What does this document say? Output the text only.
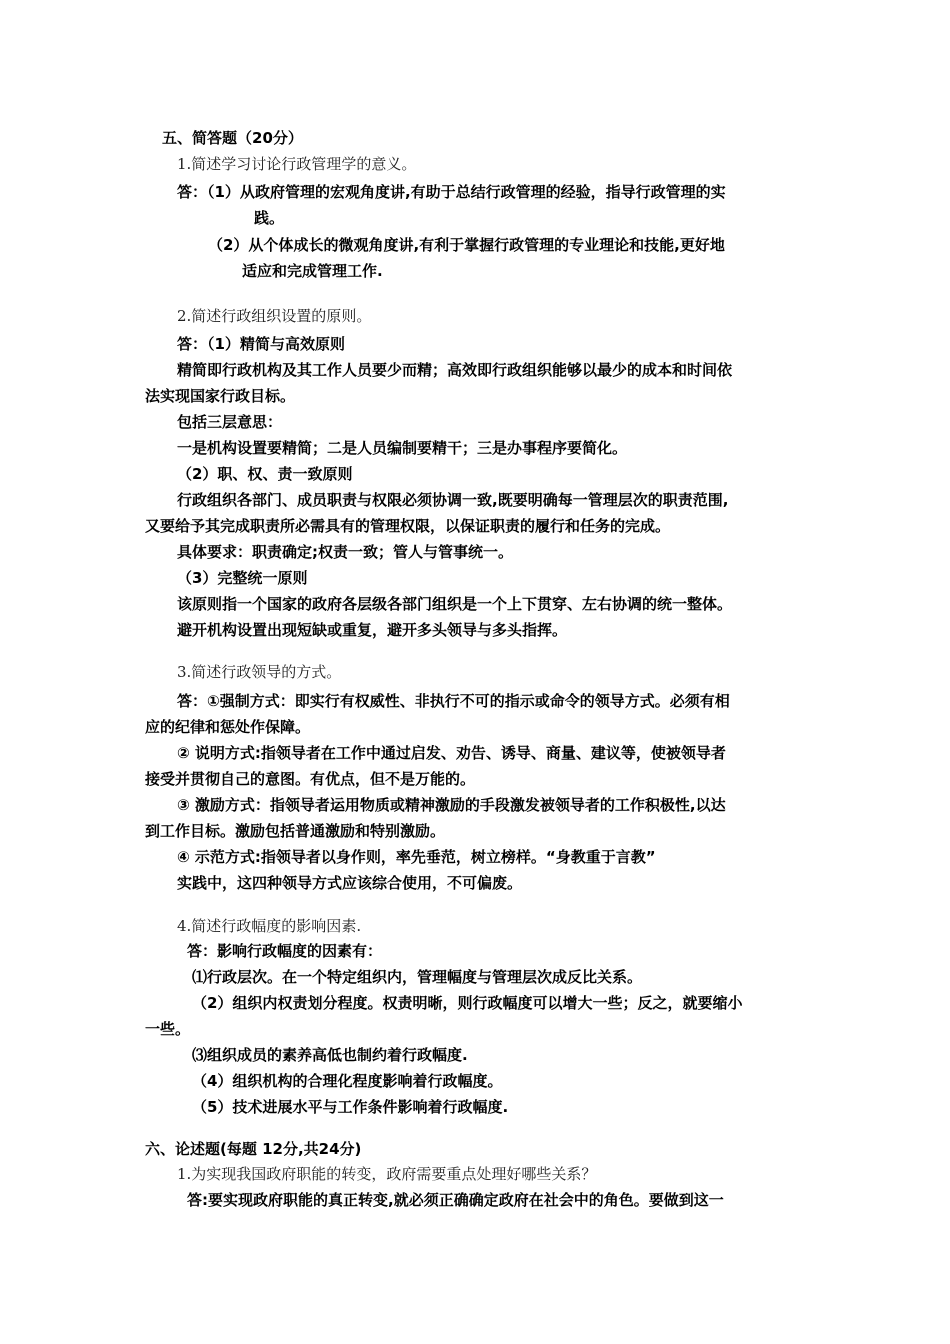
五、简答题（20分）

1.简述学习讨论行政管理学的意义。

答：（1）从政府管理的宏观角度讲,有助于总结行政管理的经验，指导行政管理的实

践。

（2）从个体成长的微观角度讲,有利于掌握行政管理的专业理论和技能,更好地

适应和完成管理工作.

2.简述行政组织设置的原则。

答：（1）精简与高效原则

精简即行政机构及其工作人员要少而精；高效即行政组织能够以最少的成本和时间依

法实现国家行政目标。

包括三层意思：

一是机构设置要精简；二是人员编制要精干；三是办事程序要简化。

（2）职、权、责一致原则

行政组织各部门、成员职责与权限必须协调一致,既要明确每一管理层次的职责范围,

又要给予其完成职责所必需具有的管理权限，以保证职责的履行和任务的完成。

具体要求：职责确定;权责一致；管人与管事统一。

（3）完整统一原则

该原则指一个国家的政府各层级各部门组织是一个上下贯穿、左右协调的统一整体。

避开机构设置出现短缺或重复，避开多头领导与多头指挥。

3.简述行政领导的方式。

答：①强制方式：即实行有权威性、非执行不可的指示或命令的领导方式。必须有相

应的纪律和惩处作保障。

② 说明方式:指领导者在工作中通过启发、劝告、诱导、商量、建议等，使被领导者

接受并贯彻自己的意图。有优点，但不是万能的。

③ 激励方式：指领导者运用物质或精神激励的手段激发被领导者的工作积极性,以达

到工作目标。激励包括普通激励和特别激励。

④ 示范方式:指领导者以身作则，率先垂范，树立榜样。“身教重于言教”

实践中，这四种领导方式应该综合使用，不可偏废。

4.简述行政幅度的影响因素.

答：影响行政幅度的因素有：

⑴行政层次。在一个特定组织内，管理幅度与管理层次成反比关系。

（2）组织内权责划分程度。权责明晰，则行政幅度可以增大一些；反之，就要缩小

一些。

⑶组织成员的素养高低也制约着行政幅度.

（4）组织机构的合理化程度影响着行政幅度。

（5）技术进展水平与工作条件影响着行政幅度.

六、论述题(每题 12分,共24分)

1.为实现我国政府职能的转变，政府需要重点处理好哪些关系？

答:要实现政府职能的真正转变,就必须正确确定政府在社会中的角色。要做到这一
